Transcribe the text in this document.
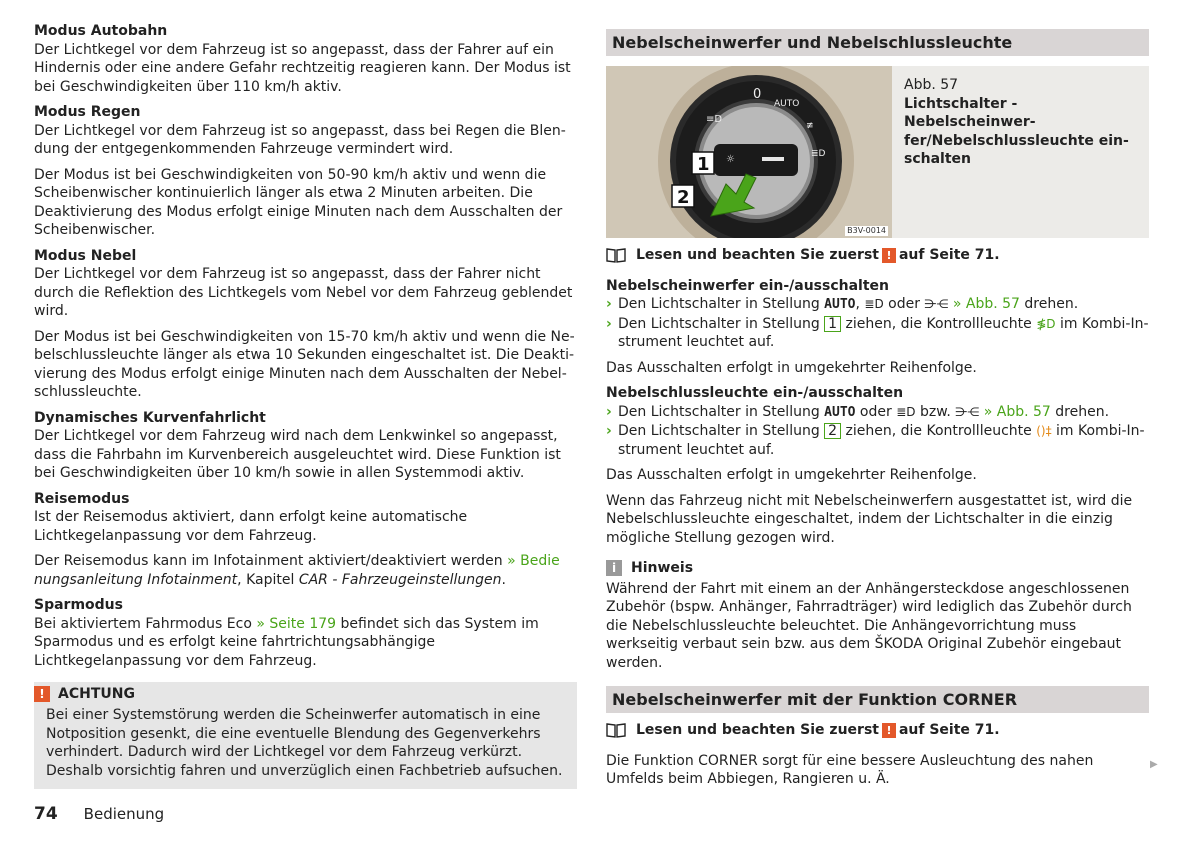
Modus Autobahn

Der Lichtkegel vor dem Fahrzeug ist so angepasst, dass der Fahrer auf ein Hindernis oder eine andere Gefahr rechtzeitig reagieren kann. Der Modus ist bei Geschwindigkeiten über 110 km/h aktiv.

Modus Regen

Der Lichtkegel vor dem Fahrzeug ist so angepasst, dass bei Regen die Blendung der entgegenkommenden Fahrzeuge vermindert wird.

Der Modus ist bei Geschwindigkeiten von 50-90 km/h aktiv und wenn die Scheibenwischer kontinuierlich länger als etwa 2 Minuten arbeiten. Die Deaktivierung des Modus erfolgt einige Minuten nach dem Ausschalten der Scheibenwischer.

Modus Nebel

Der Lichtkegel vor dem Fahrzeug ist so angepasst, dass der Fahrer nicht durch die Reflektion des Lichtkegels vom Nebel vor dem Fahrzeug geblendet wird.

Der Modus ist bei Geschwindigkeiten von 15-70 km/h aktiv und wenn die Nebelschlussleuchte länger als etwa 10 Sekunden eingeschaltet ist. Die Deaktivierung des Modus erfolgt einige Minuten nach dem Ausschalten der Nebelschlussleuchte.

Dynamisches Kurvenfahrlicht

Der Lichtkegel vor dem Fahrzeug wird nach dem Lenkwinkel so angepasst, dass die Fahrbahn im Kurvenbereich ausgeleuchtet wird. Diese Funktion ist bei Geschwindigkeiten über 10 km/h sowie in allen Systemmodi aktiv.

Reisemodus

Ist der Reisemodus aktiviert, dann erfolgt keine automatische Lichtkegelanpassung vor dem Fahrzeug.

Der Reisemodus kann im Infotainment aktiviert/deaktiviert werden » Bedie
nungsanleitung Infotainment, Kapitel CAR - Fahrzeugeinstellungen.

Sparmodus

Bei aktiviertem Fahrmodus Eco » Seite 179 befindet sich das System im Sparmodus und es erfolgt keine fahrtrichtungsabhängige Lichtkegelanpassung vor dem Fahrzeug.

! ACHTUNG
Bei einer Systemstörung werden die Scheinwerfer automatisch in eine Notposition gesenkt, die eine eventuelle Blendung des Gegenverkehrs verhindert. Dadurch wird der Lichtkegel vor dem Fahrzeug verkürzt. Deshalb vorsichtig fahren und unverzüglich einen Fachbetrieb aufsuchen.
Nebelscheinwerfer und Nebelschlussleuchte
0
AUTO
≢
≣D
≡D
☼
1
2
B3V-0014
Abb. 57
Lichtschalter - Nebelscheinwerfer/Nebelschlussleuchte einschalten
Lesen und beachten Sie zuerst ! auf Seite 71.
Nebelscheinwerfer ein-/ausschalten
› Den Lichtschalter in Stellung AUTO, ≣D oder ⋺⋲ » Abb. 57 drehen.
› Den Lichtschalter in Stellung 1 ziehen, die Kontrollleuchte ≸D im Kombi-Instrument leuchtet auf.

Das Ausschalten erfolgt in umgekehrter Reihenfolge.

Nebelschlussleuchte ein-/ausschalten
› Den Lichtschalter in Stellung AUTO oder ≣D bzw. ⋺⋲ » Abb. 57 drehen.
› Den Lichtschalter in Stellung 2 ziehen, die Kontrollleuchte ()‡ im Kombi-Instrument leuchtet auf.

Das Ausschalten erfolgt in umgekehrter Reihenfolge.

Wenn das Fahrzeug nicht mit Nebelscheinwerfern ausgestattet ist, wird die Nebelschlussleuchte eingeschaltet, indem der Lichtschalter in die einzig mögliche Stellung gezogen wird.

i	Hinweis

Während der Fahrt mit einem an der Anhängersteckdose angeschlossenen Zubehör (bspw. Anhänger, Fahrradträger) wird lediglich das Zubehör durch die Nebelschlussleuchte beleuchtet. Die Anhängevorrichtung muss werkseitig verbaut sein bzw. aus dem ŠKODA Original Zubehör eingebaut werden.

Nebelscheinwerfer mit der Funktion CORNER
Lesen und beachten Sie zuerst ! auf Seite 71.

Die Funktion CORNER sorgt für eine bessere Ausleuchtung des nahen Umfelds beim Abbiegen, Rangieren u. Ä.

▶
74 Bedienung
